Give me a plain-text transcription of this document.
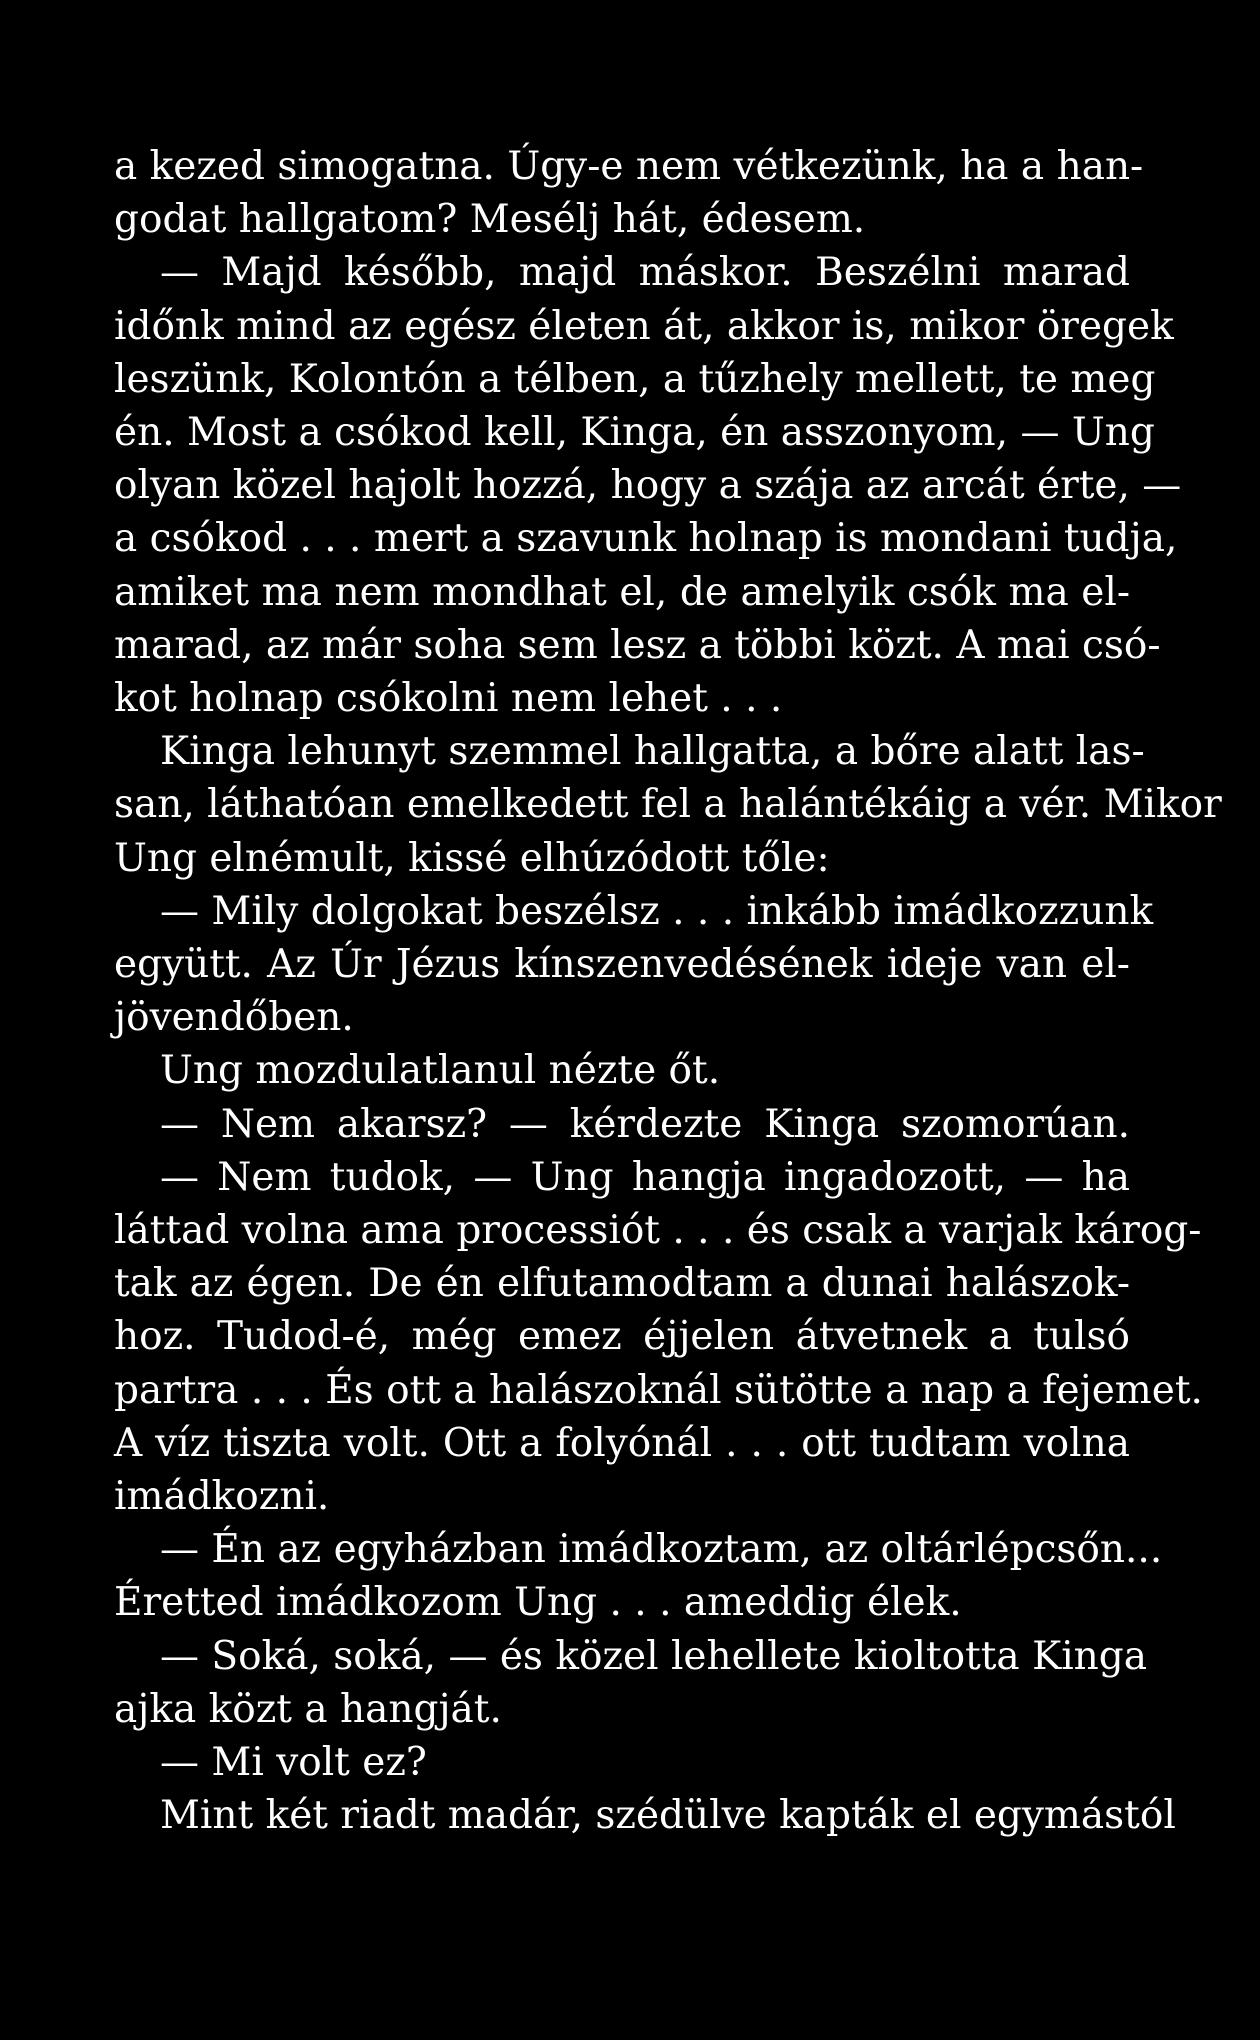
a kezed simogatna. Úgy-e nem vétkezünk, ha a han-
godat hallgatom? Mesélj hát, édesem.
— Majd később, majd máskor. Beszélni marad
időnk mind az egész életen át, akkor is, mikor öregek
leszünk, Kolontón a télben, a tűzhely mellett, te meg
én. Most a csókod kell, Kinga, én asszonyom, — Ung
olyan közel hajolt hozzá, hogy a szája az arcát érte, —
a csókod . . . mert a szavunk holnap is mondani tudja,
amiket ma nem mondhat el, de amelyik csók ma el-
marad, az már soha sem lesz a többi közt. A mai csó-
kot holnap csókolni nem lehet . . .
Kinga lehunyt szemmel hallgatta, a bőre alatt las-
san, láthatóan emelkedett fel a halántékáig a vér. Mikor
Ung elnémult, kissé elhúzódott tőle:
— Mily dolgokat beszélsz . . . inkább imádkozzunk
együtt. Az Úr Jézus kínszenvedésének ideje van el-
jövendőben.
Ung mozdulatlanul nézte őt.
— Nem akarsz? — kérdezte Kinga szomorúan.
— Nem tudok, — Ung hangja ingadozott, — ha
láttad volna ama processiót . . . és csak a varjak károg-
tak az égen. De én elfutamodtam a dunai halászok-
hoz. Tudod-é, még emez éjjelen átvetnek a tulsó
partra . . . És ott a halászoknál sütötte a nap a fejemet.
A víz tiszta volt. Ott a folyónál . . . ott tudtam volna
imádkozni.
— Én az egyházban imádkoztam, az oltárlépcsőn...
Éretted imádkozom Ung . . . ameddig élek.
— Soká, soká, — és közel lehellete kioltotta Kinga
ajka közt a hangját.
— Mi volt ez?
Mint két riadt madár, szédülve kapták el egymástól
